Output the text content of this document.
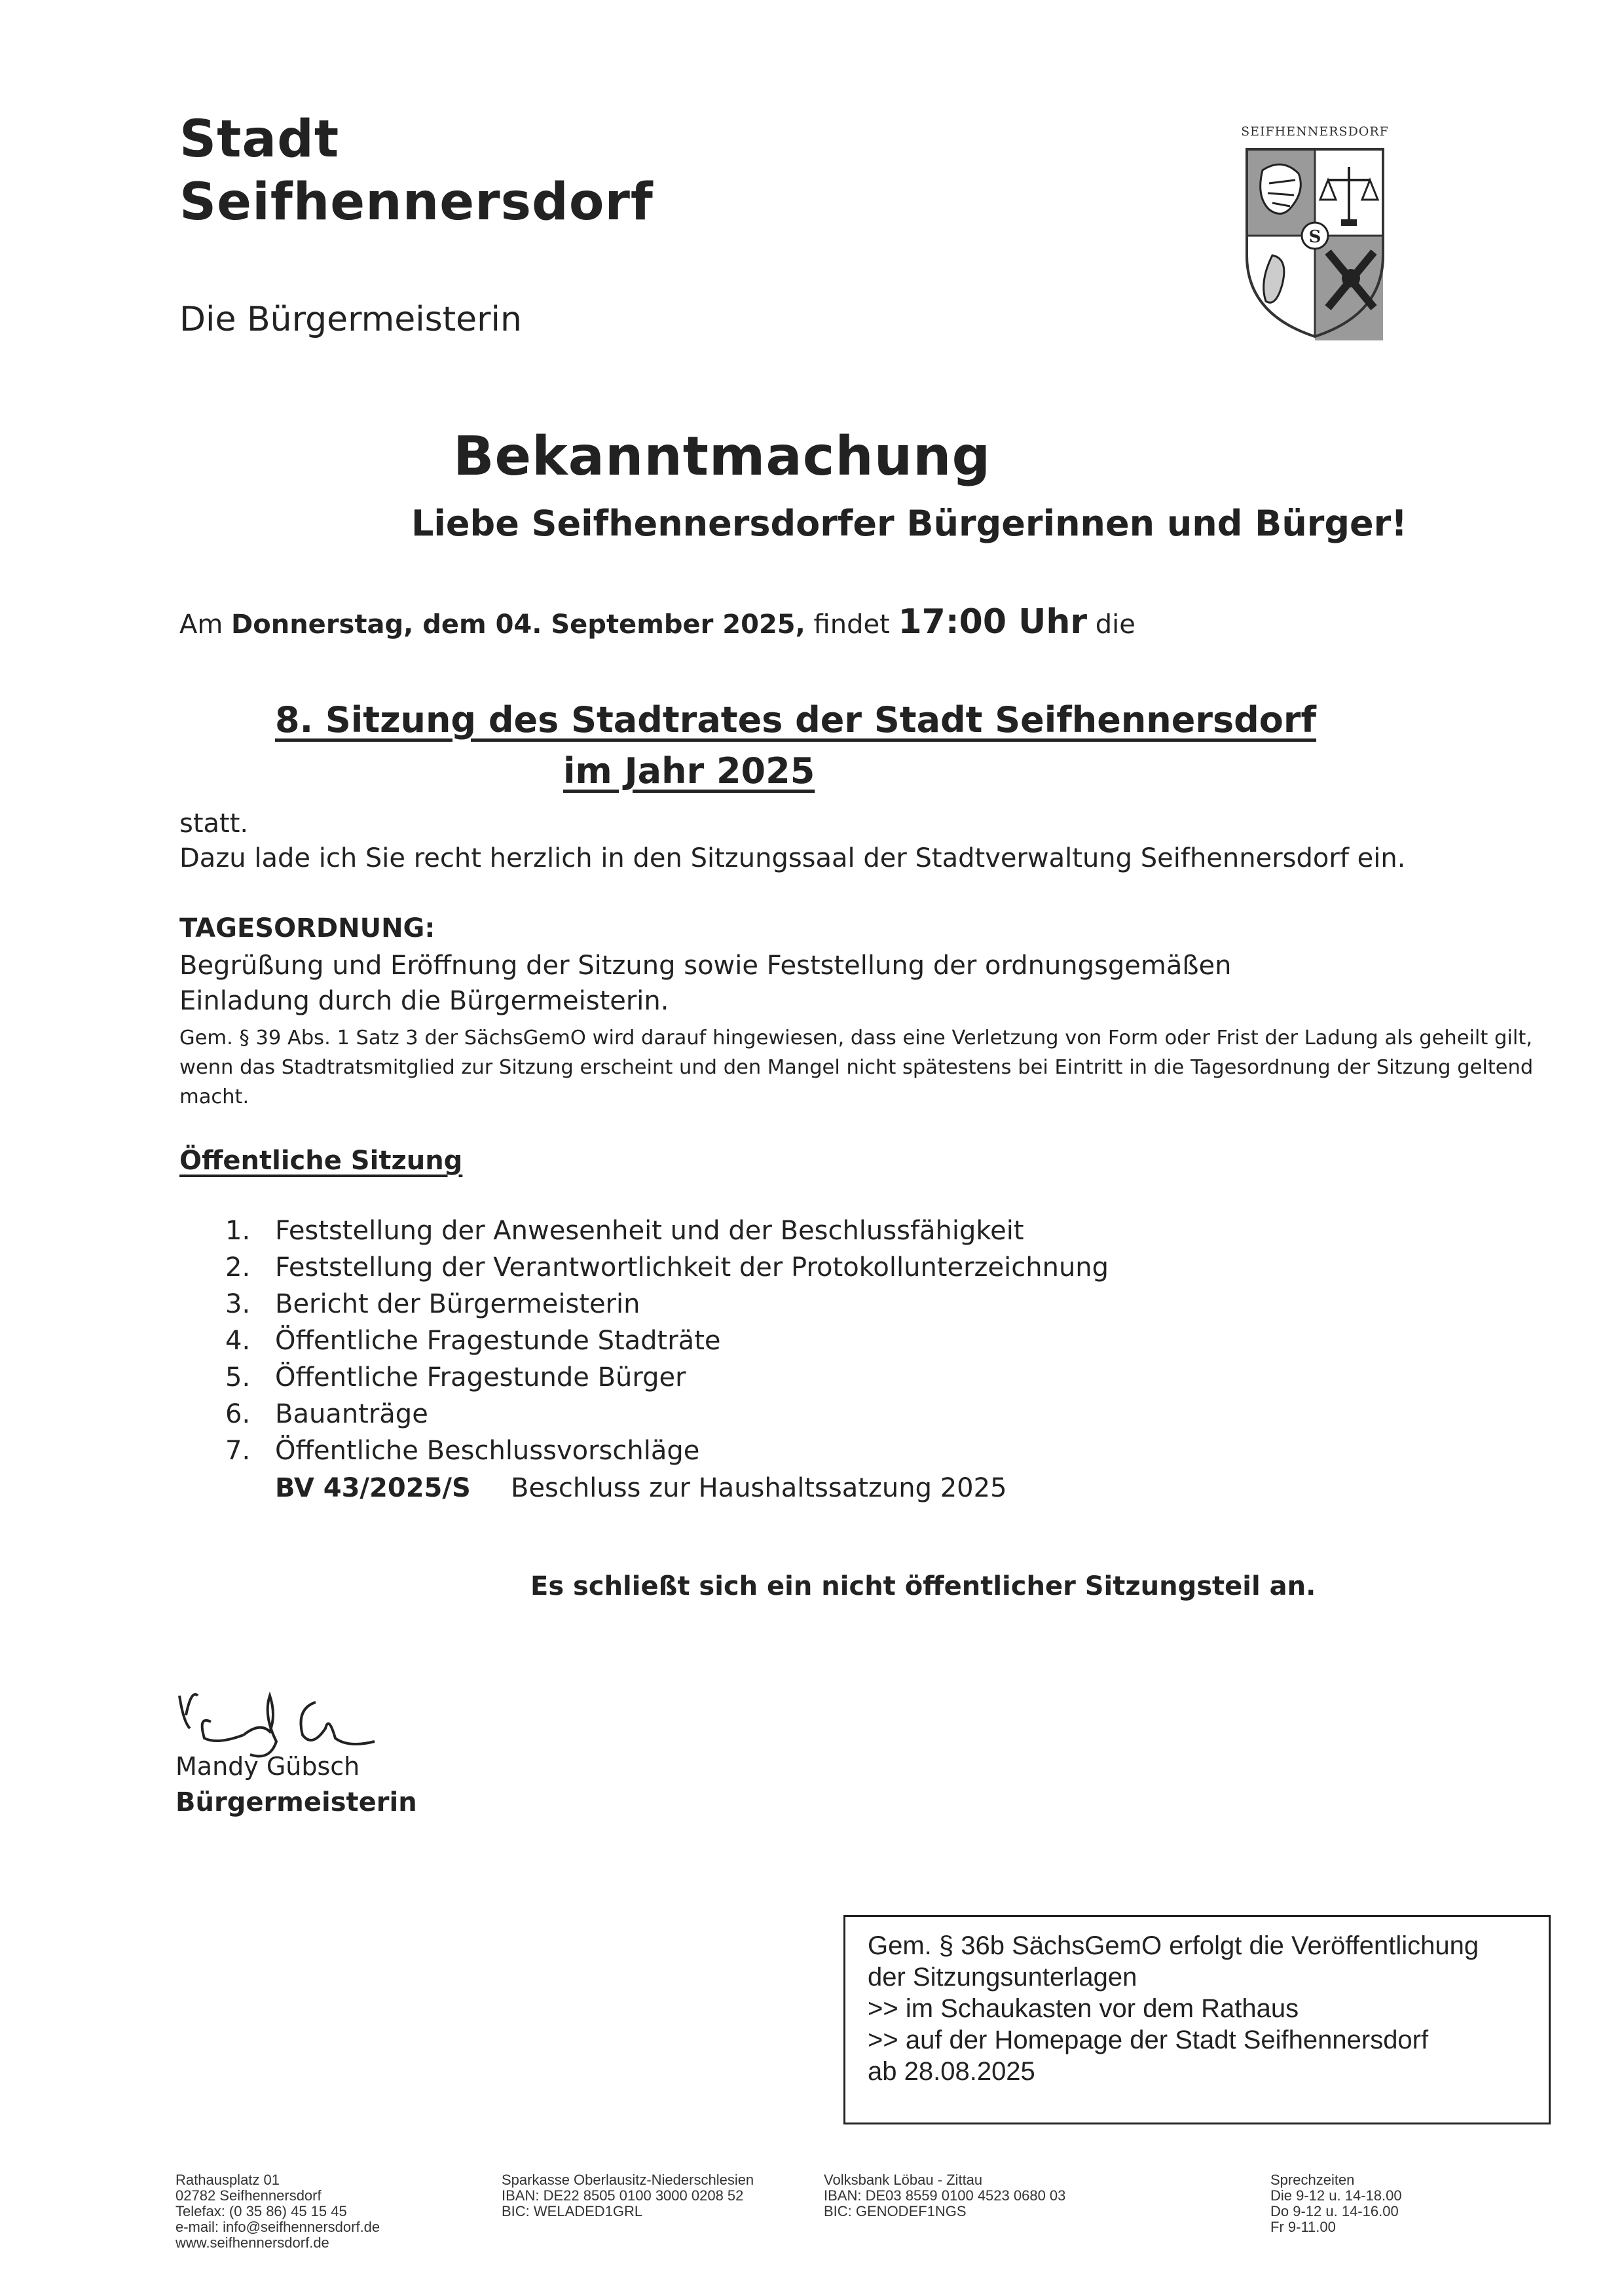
Stadt
Seifhennersdorf
Die Bürgermeisterin
SEIFHENNERSDORF
S
Bekanntmachung
Liebe Seifhennersdorfer Bürgerinnen und Bürger!
Am Donnerstag, dem 04. September 2025, findet 17:00 Uhr die
8. Sitzung des Stadtrates der Stadt Seifhennersdorf
im Jahr 2025
statt.
Dazu lade ich Sie recht herzlich in den Sitzungssaal der Stadtverwaltung Seifhennersdorf ein.
TAGESORDNUNG:
Begrüßung und Eröffnung der Sitzung sowie Feststellung der ordnungsgemäßen Einladung durch die Bürgermeisterin.
Gem. § 39 Abs. 1 Satz 3 der SächsGemO wird darauf hingewiesen, dass eine Verletzung von Form oder Frist der Ladung als geheilt gilt, wenn das Stadtratsmitglied zur Sitzung erscheint und den Mangel nicht spätestens bei Eintritt in die Tagesordnung der Sitzung geltend macht.
Öffentliche Sitzung
1. Feststellung der Anwesenheit und der Beschlussfähigkeit
2. Feststellung der Verantwortlichkeit der Protokollunterzeichnung
3. Bericht der Bürgermeisterin
4. Öffentliche Fragestunde Stadträte
5. Öffentliche Fragestunde Bürger
6. Bauanträge
7. Öffentliche Beschlussvorschläge
BV 43/2025/S Beschluss zur Haushaltssatzung 2025
Es schließt sich ein nicht öffentlicher Sitzungsteil an.
Mandy Gübsch
Bürgermeisterin
Gem. § 36b SächsGemO erfolgt die Veröffentlichung
der Sitzungsunterlagen
>> im Schaukasten vor dem Rathaus
>> auf der Homepage der Stadt Seifhennersdorf
ab 28.08.2025
Rathausplatz 01
02782 Seifhennersdorf
Telefax: (0 35 86) 45 15 45
e-mail: info@seifhennersdorf.de
www.seifhennersdorf.de
Sparkasse Oberlausitz-Niederschlesien
IBAN: DE22 8505 0100 3000 0208 52
BIC: WELADED1GRL
Volksbank Löbau - Zittau
IBAN: DE03 8559 0100 4523 0680 03
BIC: GENODEF1NGS
Sprechzeiten
Die 9-12 u. 14-18.00
Do 9-12 u. 14-16.00
Fr 9-11.00
